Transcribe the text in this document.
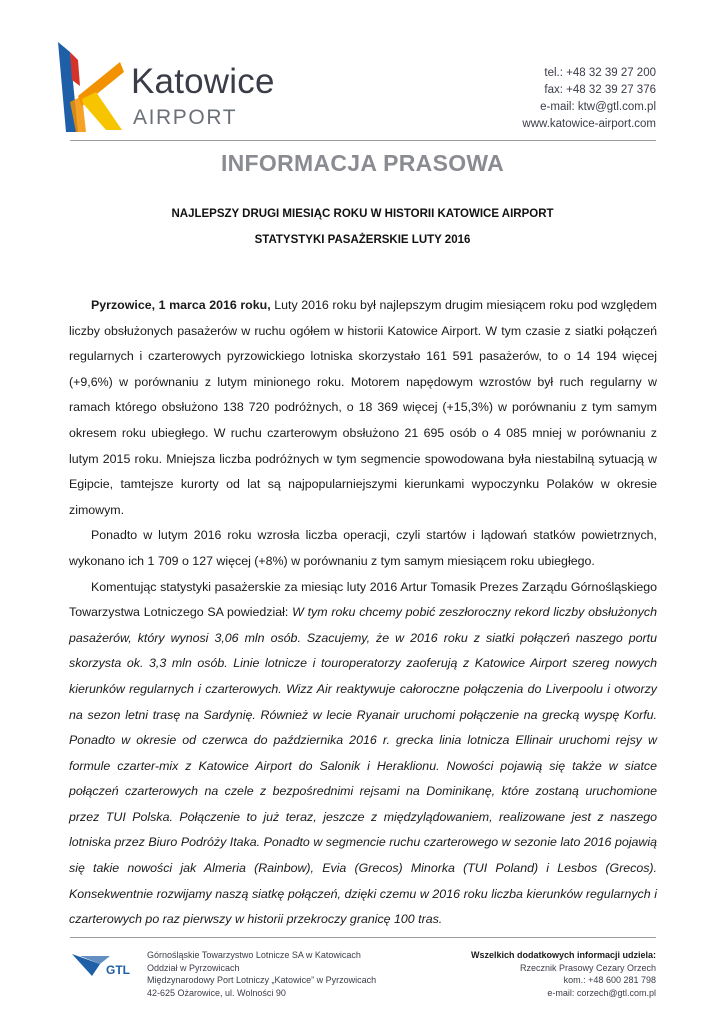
Katowice
AIRPORT
tel.: +48 32 39 27 200
fax: +48 32 39 27 376
e-mail: ktw@gtl.com.pl
www.katowice-airport.com
INFORMACJA PRASOWA
NAJLEPSZY DRUGI MIESIĄC ROKU W HISTORII KATOWICE AIRPORT
STATYSTYKI PASAŻERSKIE LUTY 2016

Pyrzowice, 1 marca 2016 roku, Luty 2016 roku był najlepszym drugim miesiącem roku pod względem liczby obsłużonych pasażerów w ruchu ogółem w historii Katowice Airport. W tym czasie z siatki połączeń regularnych i czarterowych pyrzowickiego lotniska skorzystało 161 591 pasażerów, to o 14 194 więcej (+9,6%) w porównaniu z lutym minionego roku. Motorem napędowym wzrostów był ruch regularny w ramach którego obsłużono 138 720 podróżnych, o 18 369 więcej (+15,3%) w porównaniu z tym samym okresem roku ubiegłego. W ruchu czarterowym obsłużono 21 695 osób o 4 085 mniej w porównaniu z lutym 2015 roku. Mniejsza liczba podróżnych w tym segmencie spowodowana była niestabilną sytuacją w Egipcie, tamtejsze kurorty od lat są najpopularniejszymi kierunkami wypoczynku Polaków w okresie zimowym.

Ponadto w lutym 2016 roku wzrosła liczba operacji, czyli startów i lądowań statków powietrznych, wykonano ich 1 709 o 127 więcej (+8%) w porównaniu z tym samym miesiącem roku ubiegłego.

Komentując statystyki pasażerskie za miesiąc luty 2016 Artur Tomasik Prezes Zarządu Górnośląskiego Towarzystwa Lotniczego SA powiedział: W tym roku chcemy pobić zeszłoroczny rekord liczby obsłużonych pasażerów, który wynosi 3,06 mln osób. Szacujemy, że w 2016 roku z siatki połączeń naszego portu skorzysta ok. 3,3 mln osób. Linie lotnicze i touroperatorzy zaoferują z Katowice Airport szereg nowych kierunków regularnych i czarterowych. Wizz Air reaktywuje całoroczne połączenia do Liverpoolu i otworzy na sezon letni trasę na Sardynię. Również w lecie Ryanair uruchomi połączenie na grecką wyspę Korfu. Ponadto w okresie od czerwca do października 2016 r. grecka linia lotnicza Ellinair uruchomi rejsy w formule czarter-mix z Katowice Airport do Salonik i Heraklionu. Nowości pojawią się także w siatce połączeń czarterowych na czele z bezpośrednimi rejsami na Dominikanę, które zostaną uruchomione przez TUI Polska. Połączenie to już teraz, jeszcze z międzylądowaniem, realizowane jest z naszego lotniska przez Biuro Podróży Itaka. Ponadto w segmencie ruchu czarterowego w sezonie lato 2016 pojawią się takie nowości jak Almeria (Rainbow), Evia (Grecos) Minorka (TUI Poland) i Lesbos (Grecos). Konsekwentnie rozwijamy naszą siatkę połączeń, dzięki czemu w 2016 roku liczba kierunków regularnych i czarterowych po raz pierwszy w historii przekroczy granicę 100 tras.

GTL
Górnośląskie Towarzystwo Lotnicze SA w Katowicach
Oddział w Pyrzowicach
Międzynarodowy Port Lotniczy „Katowice” w Pyrzowicach
42-625 Ożarowice, ul. Wolności 90
Wszelkich dodatkowych informacji udziela:
Rzecznik Prasowy Cezary Orzech
kom.: +48 600 281 798
e-mail: corzech@gtl.com.pl
